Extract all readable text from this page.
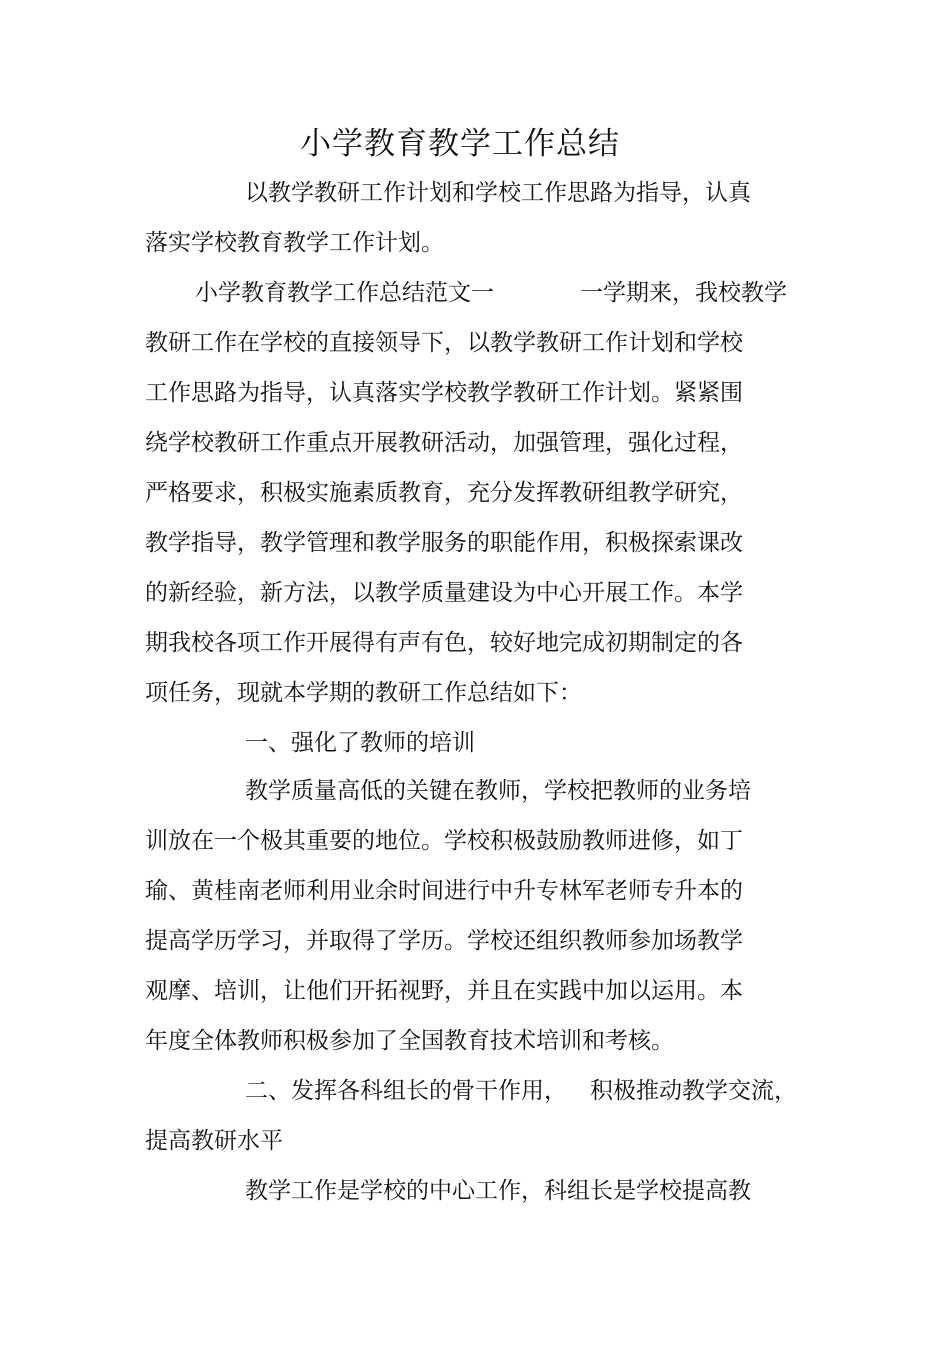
小学教育教学工作总结
以教学教研工作计划和学校工作思路为指导，认真
落实学校教育教学工作计划。
小学教育教学工作总结范文一	一学期来，我校教学
教研工作在学校的直接领导下，以教学教研工作计划和学校
工作思路为指导，认真落实学校教学教研工作计划。紧紧围
绕学校教研工作重点开展教研活动，加强管理，强化过程，
严格要求，积极实施素质教育，充分发挥教研组教学研究，
教学指导，教学管理和教学服务的职能作用，积极探索课改
的新经验，新方法，以教学质量建设为中心开展工作。本学
期我校各项工作开展得有声有色，较好地完成初期制定的各
项任务，现就本学期的教研工作总结如下：
一、强化了教师的培训
教学质量高低的关键在教师，学校把教师的业务培
训放在一个极其重要的地位。学校积极鼓励教师进修，如丁
瑜、黄桂南老师利用业余时间进行中升专林军老师专升本的
提高学历学习，并取得了学历。学校还组织教师参加场教学
观摩、培训，让他们开拓视野，并且在实践中加以运用。本
年度全体教师积极参加了全国教育技术培训和考核。
二、发挥各科组长的骨干作用， 积极推动教学交流，
提高教研水平
教学工作是学校的中心工作，科组长是学校提高教
